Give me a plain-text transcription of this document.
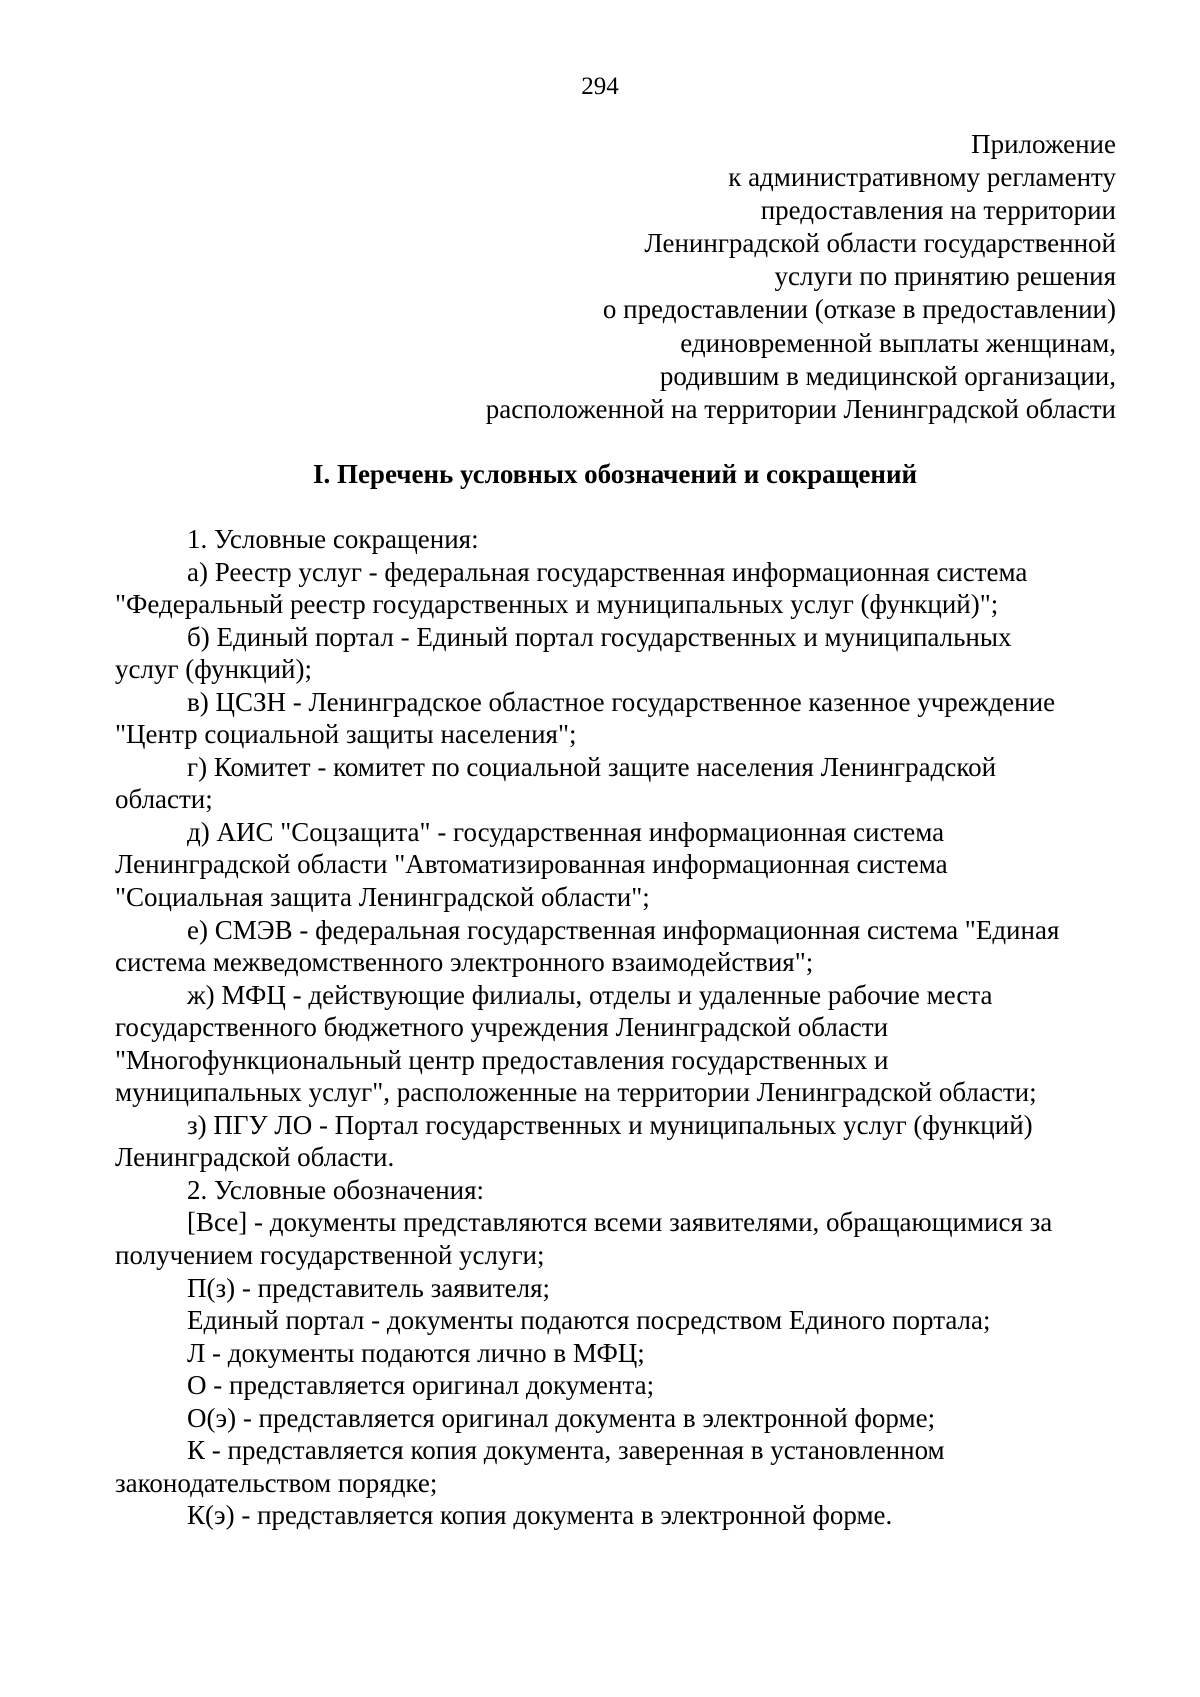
294
Приложение
к административному регламенту
предоставления на территории
Ленинградской области государственной
услуги по принятию решения
о предоставлении (отказе в предоставлении)
единовременной выплаты женщинам,
родившим в медицинской организации,
расположенной на территории Ленинградской области
I. Перечень условных обозначений и сокращений
1. Условные сокращения:
а) Реестр услуг - федеральная государственная информационная система
"Федеральный реестр государственных и муниципальных услуг (функций)";
б) Единый портал - Единый портал государственных и муниципальных
услуг (функций);
в) ЦСЗН - Ленинградское областное государственное казенное учреждение
"Центр социальной защиты населения";
г) Комитет - комитет по социальной защите населения Ленинградской
области;
д) АИС "Соцзащита" - государственная информационная система
Ленинградской области "Автоматизированная информационная система
"Социальная защита Ленинградской области";
е) СМЭВ - федеральная государственная информационная система "Единая
система межведомственного электронного взаимодействия";
ж) МФЦ - действующие филиалы, отделы и удаленные рабочие места
государственного бюджетного учреждения Ленинградской области
"Многофункциональный центр предоставления государственных и
муниципальных услуг", расположенные на территории Ленинградской области;
з) ПГУ ЛО - Портал государственных и муниципальных услуг (функций)
Ленинградской области.
2. Условные обозначения:
[Все] - документы представляются всеми заявителями, обращающимися за
получением государственной услуги;
П(з) - представитель заявителя;
Единый портал - документы подаются посредством Единого портала;
Л - документы подаются лично в МФЦ;
О - представляется оригинал документа;
О(э) - представляется оригинал документа в электронной форме;
К - представляется копия документа, заверенная в установленном
законодательством порядке;
К(э) - представляется копия документа в электронной форме.
